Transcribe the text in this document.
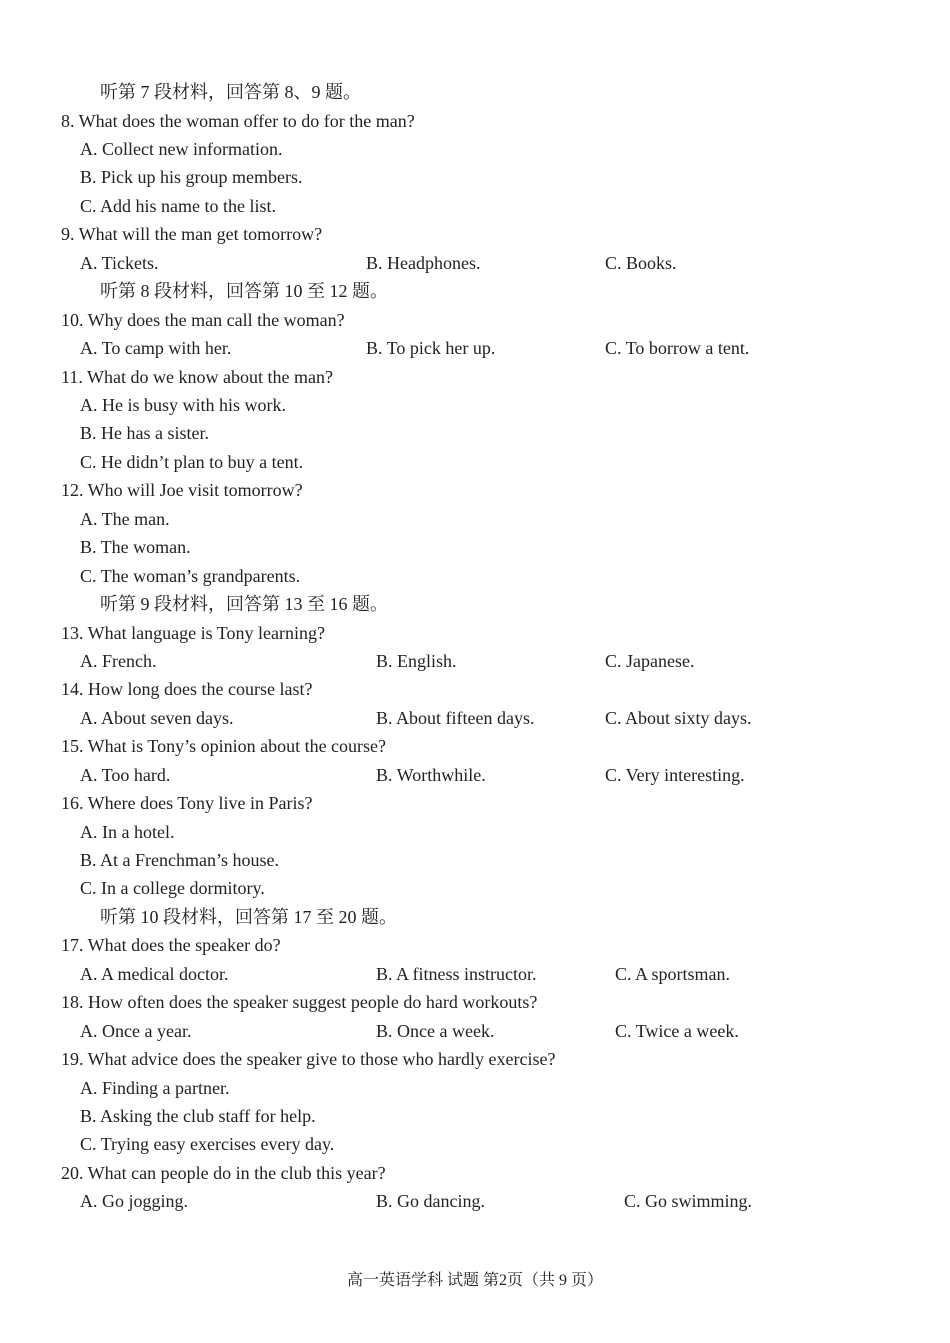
听第 7 段材料，回答第 8、9 题。
8. What does the woman offer to do for the man?
A. Collect new information.
B. Pick up his group members.
C. Add his name to the list.
9. What will the man get tomorrow?
A. Tickets.	B. Headphones.	C. Books.
听第 8 段材料，回答第 10 至 12 题。
10. Why does the man call the woman?
A. To camp with her.	B. To pick her up.	C. To borrow a tent.
11. What do we know about the man?
A. He is busy with his work.
B. He has a sister.
C. He didn’t plan to buy a tent.
12. Who will Joe visit tomorrow?
A. The man.
B. The woman.
C. The woman’s grandparents.
听第 9 段材料，回答第 13 至 16 题。
13. What language is Tony learning?
A. French.	B. English.	C. Japanese.
14. How long does the course last?
A. About seven days.	B. About fifteen days.	C. About sixty days.
15. What is Tony’s opinion about the course?
A. Too hard.	B. Worthwhile.	C. Very interesting.
16. Where does Tony live in Paris?
A. In a hotel.
B. At a Frenchman’s house.
C. In a college dormitory.
听第 10 段材料，回答第 17 至 20 题。
17. What does the speaker do?
A. A medical doctor.	B. A fitness instructor.	C. A sportsman.
18. How often does the speaker suggest people do hard workouts?
A. Once a year.	B. Once a week.	C. Twice a week.
19. What advice does the speaker give to those who hardly exercise?
A. Finding a partner.
B. Asking the club staff for help.
C. Trying easy exercises every day.
20. What can people do in the club this year?
A. Go jogging.	B. Go dancing.	C. Go swimming.
高一英语学科 试题 第2页（共 9 页）
